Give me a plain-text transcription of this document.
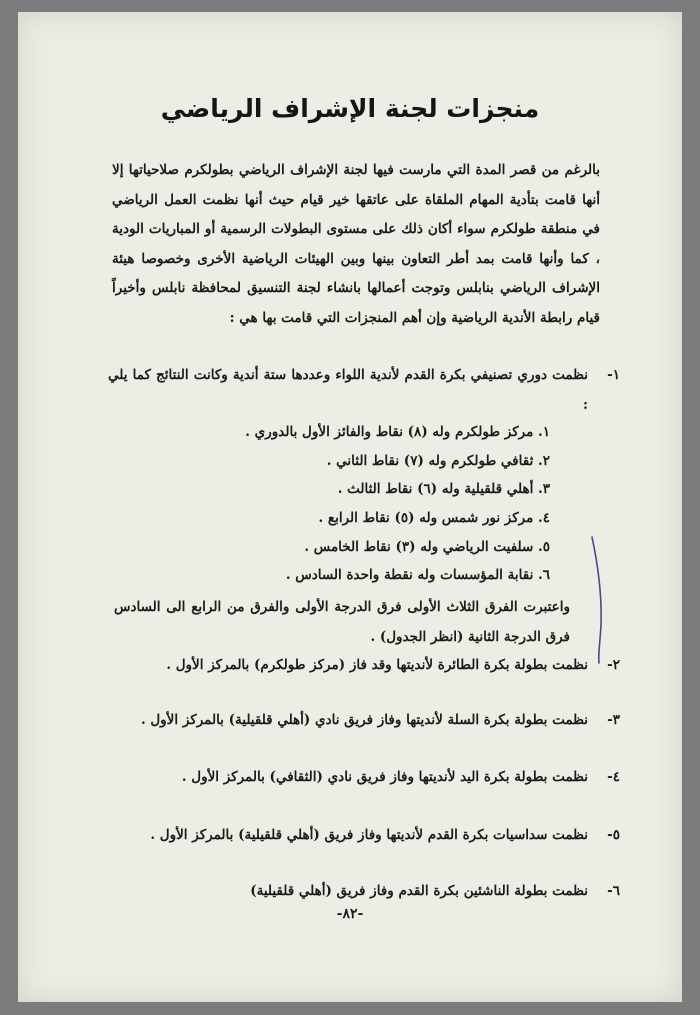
منجزات لجنة الإشراف الرياضي
بالرغم من قصر المدة التي مارست فيها لجنة الإشراف الرياضي بطولكرم صلاحياتها إلا أنها قامت بتأدية المهام الملقاة على عاتقها خير قيام حيث أنها نظمت العمل الرياضي في منطقة طولكرم سواء أكان ذلك على مستوى البطولات الرسمية أو المباريات الودية ، كما وأنها قامت بمد أطر التعاون بينها وبين الهيئات الرياضية الأخرى وخصوصا هيئة الإشراف الرياضي بنابلس وتوجت أعمالها بانشاء لجنة التنسيق لمحافظة نابلس وأخيراً قيام رابطة الأندية الرياضية وإن أهم المنجزات التي قامت بها هي :
١-
نظمت دوري تصنيفي بكرة القدم لأندية اللواء وعددها ستة أندية وكانت النتائج كما يلي :
١. مركز طولكرم وله (٨) نقاط والفائز الأول بالدوري .
٢. ثقافي طولكرم وله (٧) نقاط الثاني .
٣. أهلي قلقيلية وله (٦) نقاط الثالث .
٤. مركز نور شمس وله (٥) نقاط الرابع .
٥. سلفيت الرياضي وله (٣) نقاط الخامس .
٦. نقابة المؤسسات وله نقطة واحدة السادس .
واعتبرت الفرق الثلاث الأولى فرق الدرجة الأولى والفرق من الرابع الى السادس فرق الدرجة الثانية (انظر الجدول) .
٢-
نظمت بطولة بكرة الطائرة لأنديتها وقد فاز (مركز طولكرم) بالمركز الأول .
٣-
نظمت بطولة بكرة السلة لأنديتها وفاز فريق نادي (أهلي قلقيلية) بالمركز الأول .
٤-
نظمت بطولة بكرة اليد لأنديتها وفاز فريق نادي (الثقافي) بالمركز الأول .
٥-
نظمت سداسيات بكرة القدم لأنديتها وفاز فريق (أهلي قلقيلية) بالمركز الأول .
٦-
نظمت بطولة الناشئين بكرة القدم وفاز فريق (أهلي قلقيلية)
-٨٢-
